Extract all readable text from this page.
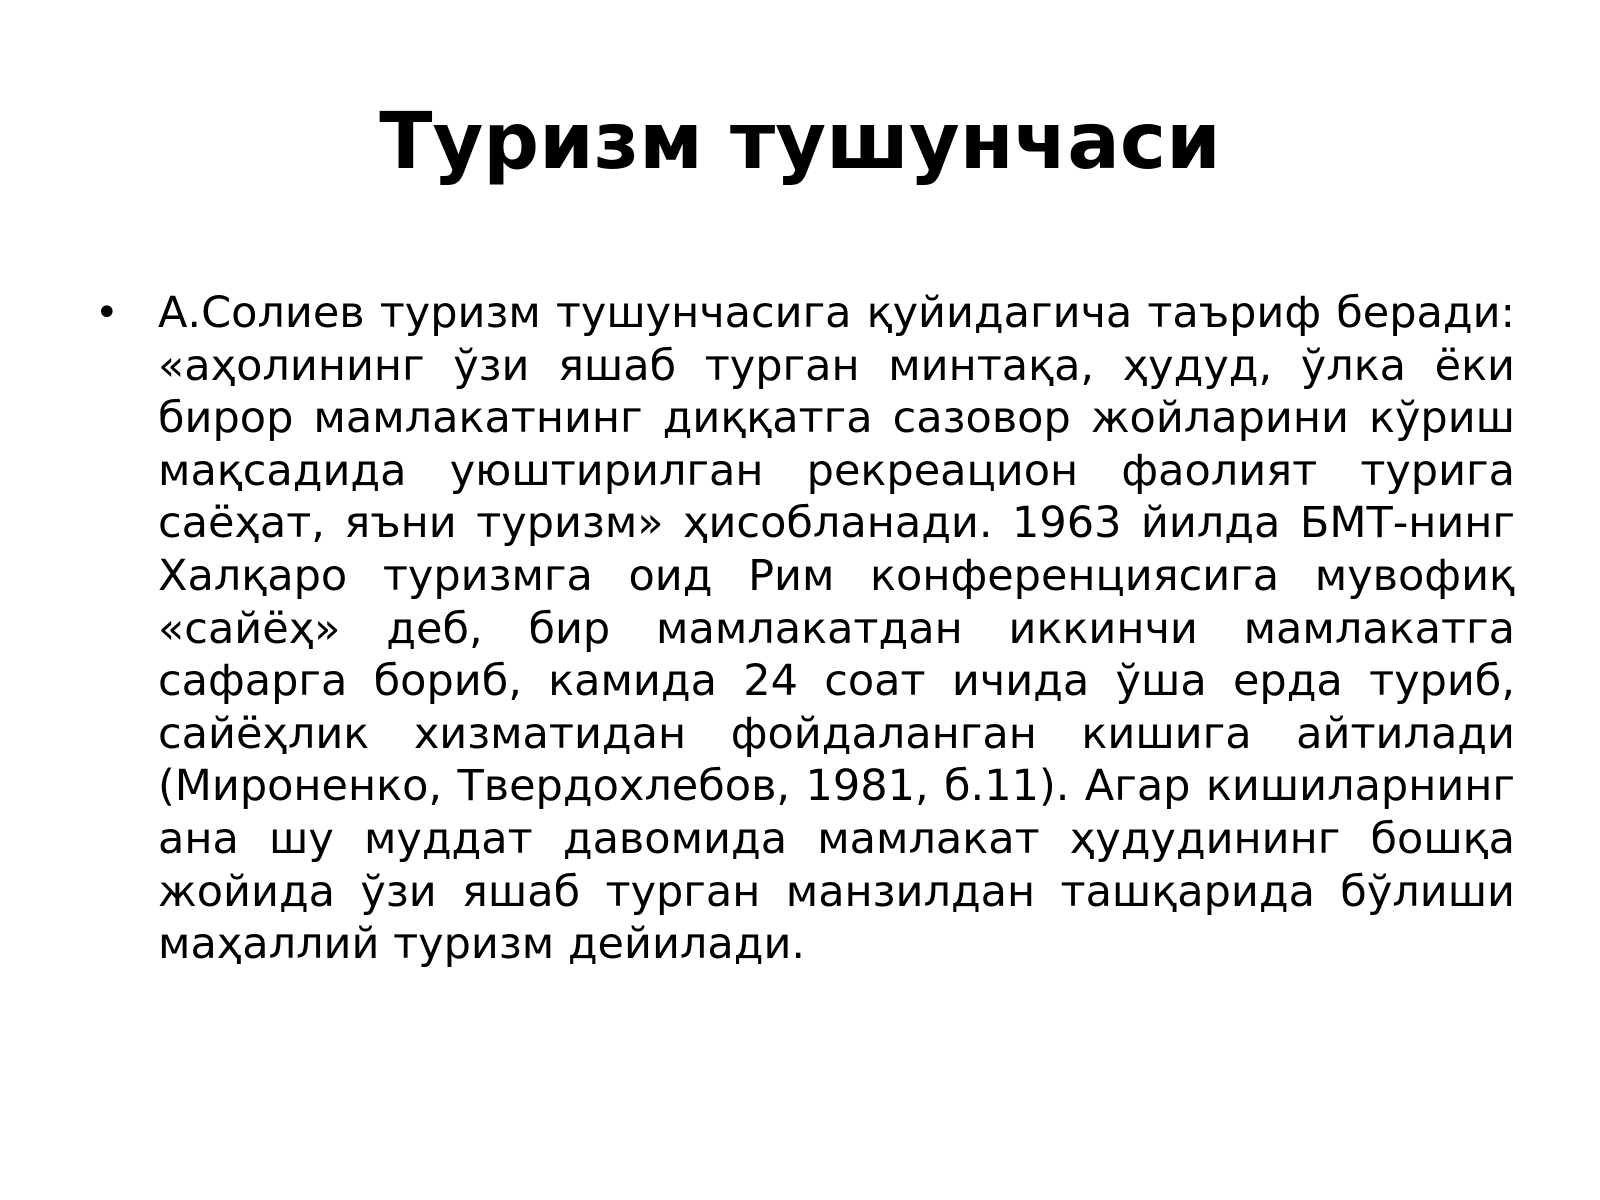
Туризм тушунчаси
• А.Солиев туризм тушунчасига қуйидагича таъриф беради: «аҳолининг ўзи яшаб турган минтақа, ҳудуд, ўлка ёки бирор мамлакатнинг диққатга сазовор жойларини кўриш мақсадида уюштирилган рекреацион фаолият турига саёҳат, яъни туризм» ҳисобланади. 1963 йилда БМТ-нинг Халқаро туризмга оид Рим конференциясига мувофиқ «сайёҳ» деб, бир мамлакатдан иккинчи мамлакатга сафарга бориб, камида 24 соат ичида ўша ерда туриб, сайёҳлик хизматидан фойдаланган кишига айтилади (Мироненко, Твердохлебов, 1981, б.11). Агар кишиларнинг ана шу муддат давомида мамлакат ҳудудининг бошқа жойида ўзи яшаб турган манзилдан ташқарида бўлиши маҳаллий туризм дейилади.
